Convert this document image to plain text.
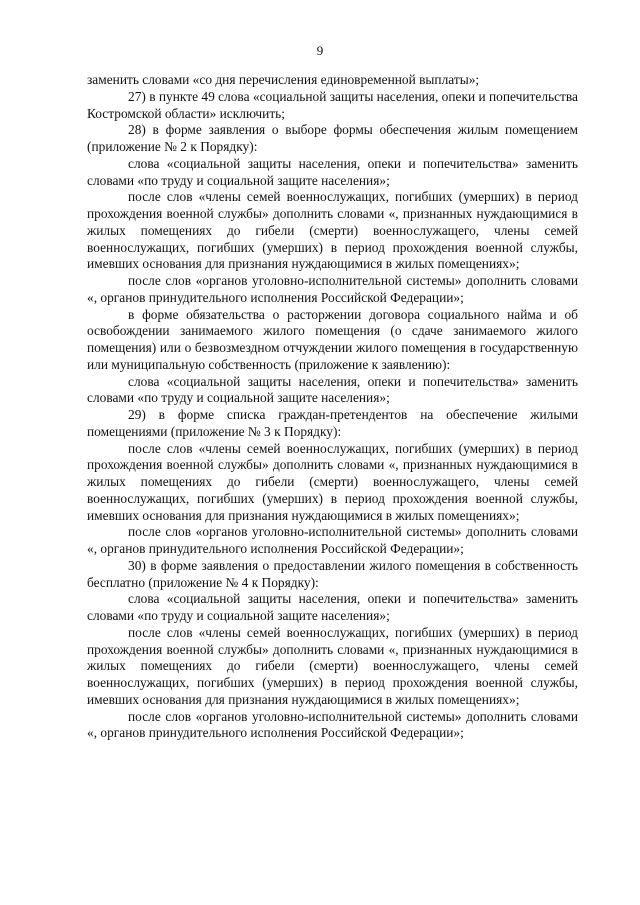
9

заменить словами «со дня перечисления единовременной выплаты»;

27) в пункте 49 слова «социальной защиты населения, опеки и попечительства Костромской области» исключить;

28) в форме заявления о выборе формы обеспечения жилым помещением (приложение № 2 к Порядку):

слова «социальной защиты населения, опеки и попечительства» заменить словами «по труду и социальной защите населения»;

после слов «члены семей военнослужащих, погибших (умерших) в период прохождения военной службы» дополнить словами «, признанных нуждающимися в жилых помещениях до гибели (смерти) военнослужащего, члены семей военнослужащих, погибших (умерших) в период прохождения военной службы, имевших основания для признания нуждающимися в жилых помещениях»;

после слов «органов уголовно-исполнительной системы» дополнить словами «, органов принудительного исполнения Российской Федерации»;

в форме обязательства о расторжении договора социального найма и об освобождении занимаемого жилого помещения (о сдаче занимаемого жилого помещения) или о безвозмездном отчуждении жилого помещения в государственную или муниципальную собственность (приложение к заявлению):

слова «социальной защиты населения, опеки и попечительства» заменить словами «по труду и социальной защите населения»;

29) в форме списка граждан-претендентов на обеспечение жилыми помещениями (приложение № 3 к Порядку):

после слов «члены семей военнослужащих, погибших (умерших) в период прохождения военной службы» дополнить словами «, признанных нуждающимися в жилых помещениях до гибели (смерти) военнослужащего, члены семей военнослужащих, погибших (умерших) в период прохождения военной службы, имевших основания для признания нуждающимися в жилых помещениях»;

после слов «органов уголовно-исполнительной системы» дополнить словами «, органов принудительного исполнения Российской Федерации»;

30) в форме заявления о предоставлении жилого помещения в собственность бесплатно (приложение № 4 к Порядку):

слова «социальной защиты населения, опеки и попечительства» заменить словами «по труду и социальной защите населения»;

после слов «члены семей военнослужащих, погибших (умерших) в период прохождения военной службы» дополнить словами «, признанных нуждающимися в жилых помещениях до гибели (смерти) военнослужащего, члены семей военнослужащих, погибших (умерших) в период прохождения военной службы, имевших основания для признания нуждающимися в жилых помещениях»;

после слов «органов уголовно-исполнительной системы» дополнить словами «, органов принудительного исполнения Российской Федерации»;
